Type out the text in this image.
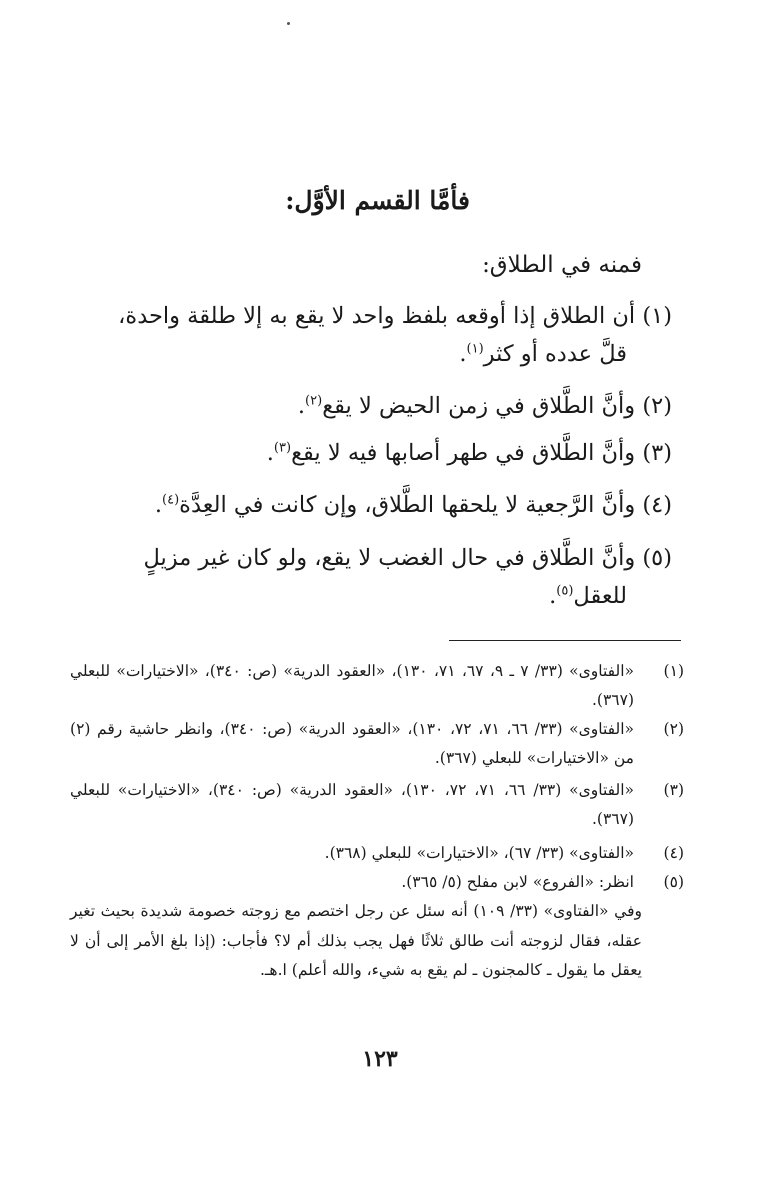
فأمَّا القسم الأوَّل:
فمنه في الطلاق:
(١) أن الطلاق إذا أوقعه بلفظ واحد لا يقع به إلا طلقة واحدة،
قلَّ عدده أو كثر$^{(١)}$.
(٢) وأنَّ الطَّلاق في زمن الحيض لا يقع$^{(٢)}$.
(٣) وأنَّ الطَّلاق في طهر أصابها فيه لا يقع$^{(٣)}$.
(٤) وأنَّ الرَّجعية لا يلحقها الطَّلاق، وإن كانت في العِدَّة$^{(٤)}$.
(٥) وأنَّ الطَّلاق في حال الغضب لا يقع، ولو كان غير مزيلٍ
للعقل$^{(٥)}$.
(١)
«الفتاوى» (٣٣/ ٧ ـ ٩، ٦٧، ٧١، ١٣٠)، «العقود الدرية» (ص: ٣٤٠)، «الاختيارات» للبعلي (٣٦٧).
(٢)
«الفتاوى» (٣٣/ ٦٦، ٧١، ٧٢، ١٣٠)، «العقود الدرية» (ص: ٣٤٠)، وانظر حاشية رقم (٢) من «الاختيارات» للبعلي (٣٦٧).
(٣)
«الفتاوى» (٣٣/ ٦٦، ٧١، ٧٢، ١٣٠)، «العقود الدرية» (ص: ٣٤٠)، «الاختيارات» للبعلي (٣٦٧).
(٤)
«الفتاوى» (٣٣/ ٦٧)، «الاختيارات» للبعلي (٣٦٨).
(٥)
انظر: «الفروع» لابن مفلح (٥/ ٣٦٥).
وفي «الفتاوى» (٣٣/ ١٠٩) أنه سئل عن رجل اختصم مع زوجته خصومة شديدة بحيث تغير عقله، فقال لزوجته أنت طالق ثلاثًا فهل يجب بذلك أم لا؟ فأجاب: (إذا بلغ الأمر إلى أن لا يعقل ما يقول ـ كالمجنون ـ لم يقع به شيء، والله أعلم) ا.هـ.
١٢٣
